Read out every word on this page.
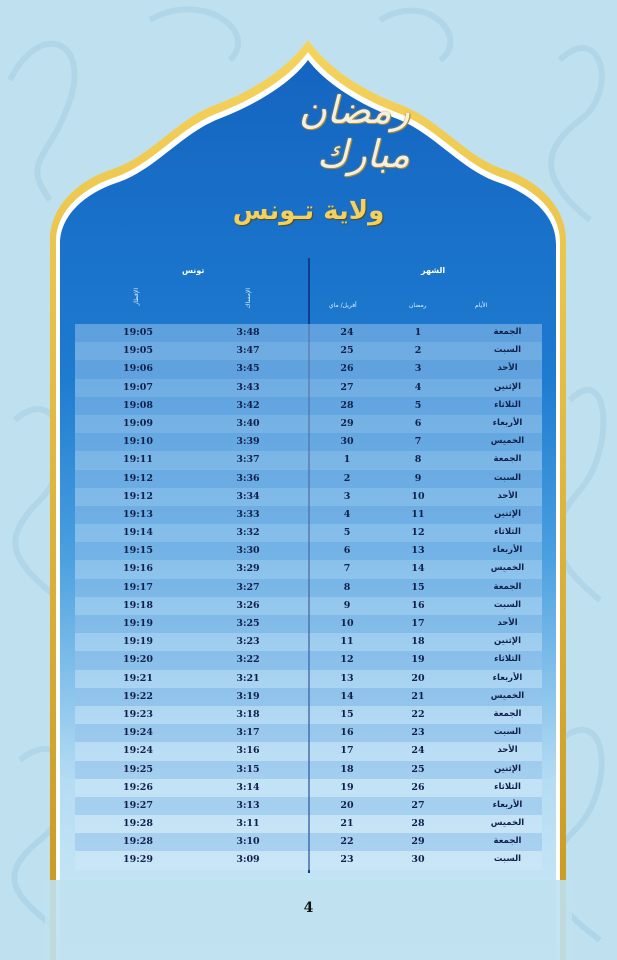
رمضان مبارك
ولاية تـونس
الشهر
تونس
الأيام
رمضان
أفريل/ ماي
الإمساك
الإفطار
19:05	3:48	24	1	الجمعة
19:05	3:47	25	2	السبت
19:06	3:45	26	3	الأحد
19:07	3:43	27	4	الإثنين
19:08	3:42	28	5	الثلاثاء
19:09	3:40	29	6	الأربعاء
19:10	3:39	30	7	الخميس
19:11	3:37	1	8	الجمعة
19:12	3:36	2	9	السبت
19:12	3:34	3	10	الأحد
19:13	3:33	4	11	الإثنين
19:14	3:32	5	12	الثلاثاء
19:15	3:30	6	13	الأربعاء
19:16	3:29	7	14	الخميس
19:17	3:27	8	15	الجمعة
19:18	3:26	9	16	السبت
19:19	3:25	10	17	الأحد
19:19	3:23	11	18	الإثنين
19:20	3:22	12	19	الثلاثاء
19:21	3:21	13	20	الأربعاء
19:22	3:19	14	21	الخميس
19:23	3:18	15	22	الجمعة
19:24	3:17	16	23	السبت
19:24	3:16	17	24	الأحد
19:25	3:15	18	25	الإثنين
19:26	3:14	19	26	الثلاثاء
19:27	3:13	20	27	الأربعاء
19:28	3:11	21	28	الخميس
19:28	3:10	22	29	الجمعة
19:29	3:09	23	30	السبت
4
